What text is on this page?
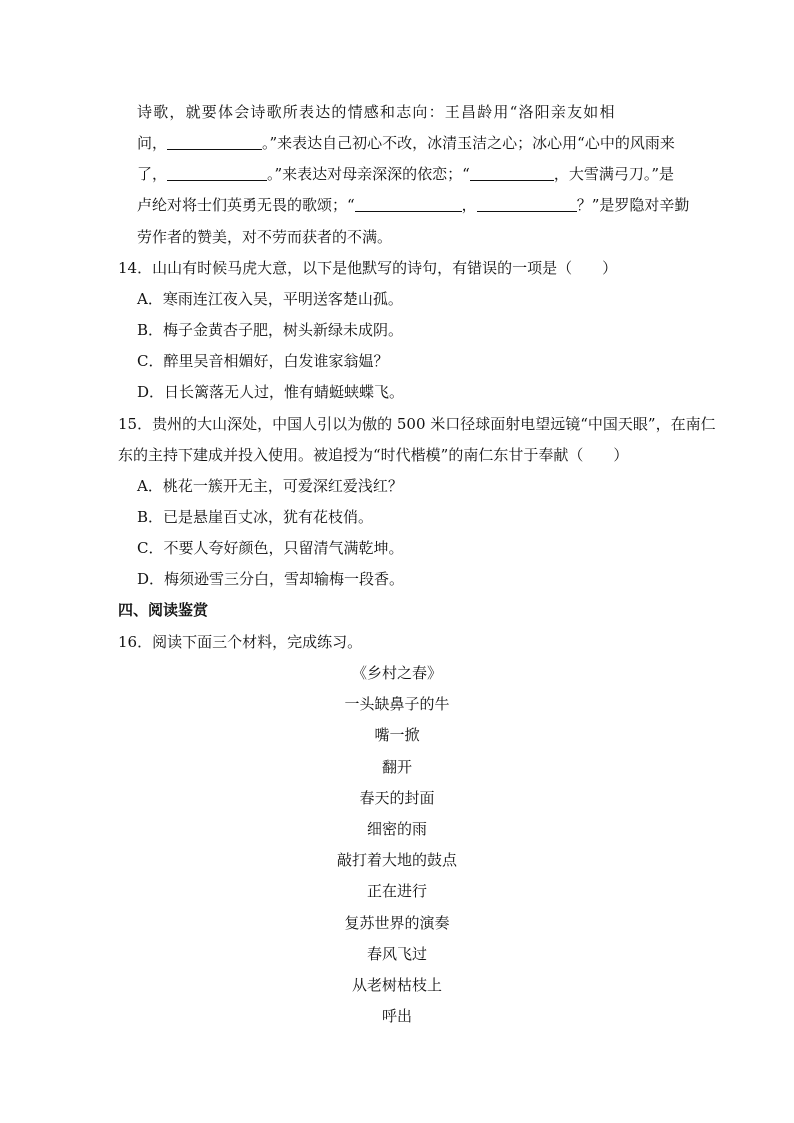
诗歌，就要体会诗歌所表达的情感和志向：王昌龄用“洛阳亲友如相
问，	。”来表达自己初心不改，冰清玉洁之心；冰心用“心中的风雨来
了，	。”来表达对母亲深深的依恋；“	，大雪满弓刀。”是
卢纶对将士们英勇无畏的歌颂；“	，	？”是罗隐对辛勤
劳作者的赞美，对不劳而获者的不满。
14．山山有时候马虎大意，以下是他默写的诗句，有错误的一项是（　　）
A．寒雨连江夜入吴，平明送客楚山孤。
B．梅子金黄杏子肥，树头新绿未成阴。
C．醉里吴音相媚好，白发谁家翁媪？
D．日长篱落无人过，惟有蜻蜓蛱蝶飞。
15．贵州的大山深处，中国人引以为傲的 500 米口径球面射电望远镜“中国天眼”，在南仁
东的主持下建成并投入使用。被追授为“时代楷模”的南仁东甘于奉献（　　）
A．桃花一簇开无主，可爱深红爱浅红？
B．已是悬崖百丈冰，犹有花枝俏。
C．不要人夸好颜色，只留清气满乾坤。
D．梅须逊雪三分白，雪却输梅一段香。
四、阅读鉴赏
16．阅读下面三个材料，完成练习。
《乡村之春》
一头缺鼻子的牛
嘴一掀
翻开
春天的封面
细密的雨
敲打着大地的鼓点
正在进行
复苏世界的演奏
春风飞过
从老树枯枝上
呼出
